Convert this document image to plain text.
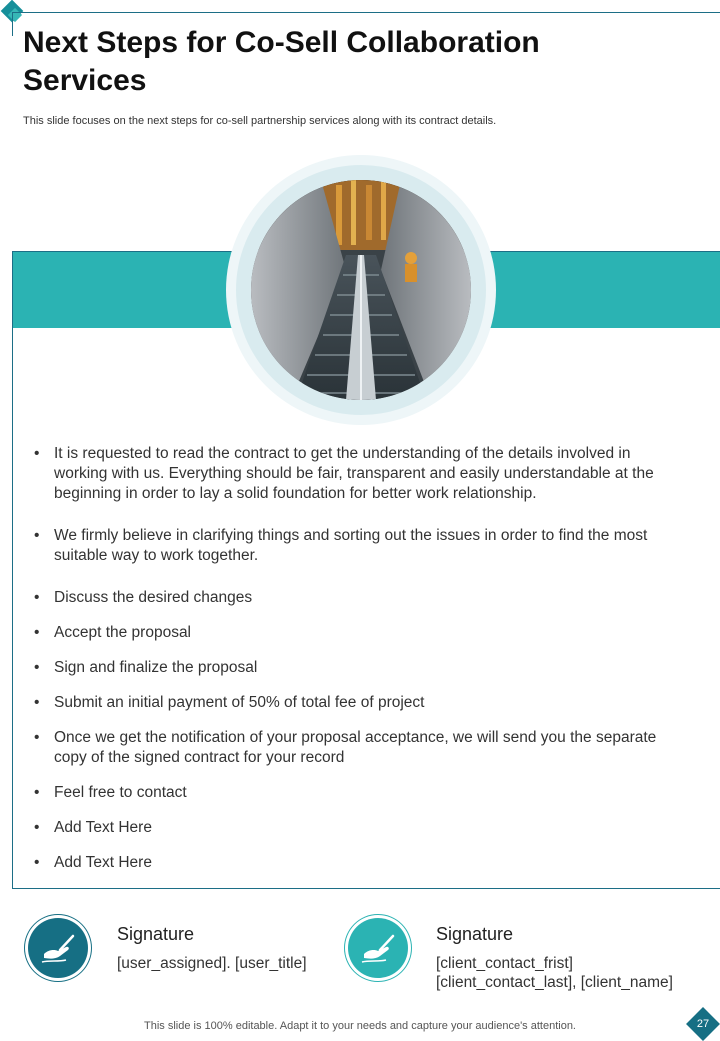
Next Steps for Co-Sell Collaboration Services
This slide focuses on the next steps for co-sell partnership services along with its contract details.
• It is requested to read the contract to get the understanding of the details involved in working with us. Everything should be fair, transparent and easily understandable at the beginning in order to lay a solid foundation for better work relationship.
• We firmly believe in clarifying things and sorting out the issues in order to find the most suitable way to work together.
• Discuss the desired changes
• Accept the proposal
• Sign and finalize the proposal
• Submit an initial payment of 50% of total fee of project
• Once we get the notification of your proposal acceptance, we will send you the separate copy of the signed contract for your record
• Feel free to contact
• Add Text Here
• Add Text Here
Signature
[user_assigned]. [user_title]
Signature
[client_contact_frist]
[client_contact_last], [client_name]
This slide is 100% editable. Adapt it to your needs and capture your audience's attention.	27
